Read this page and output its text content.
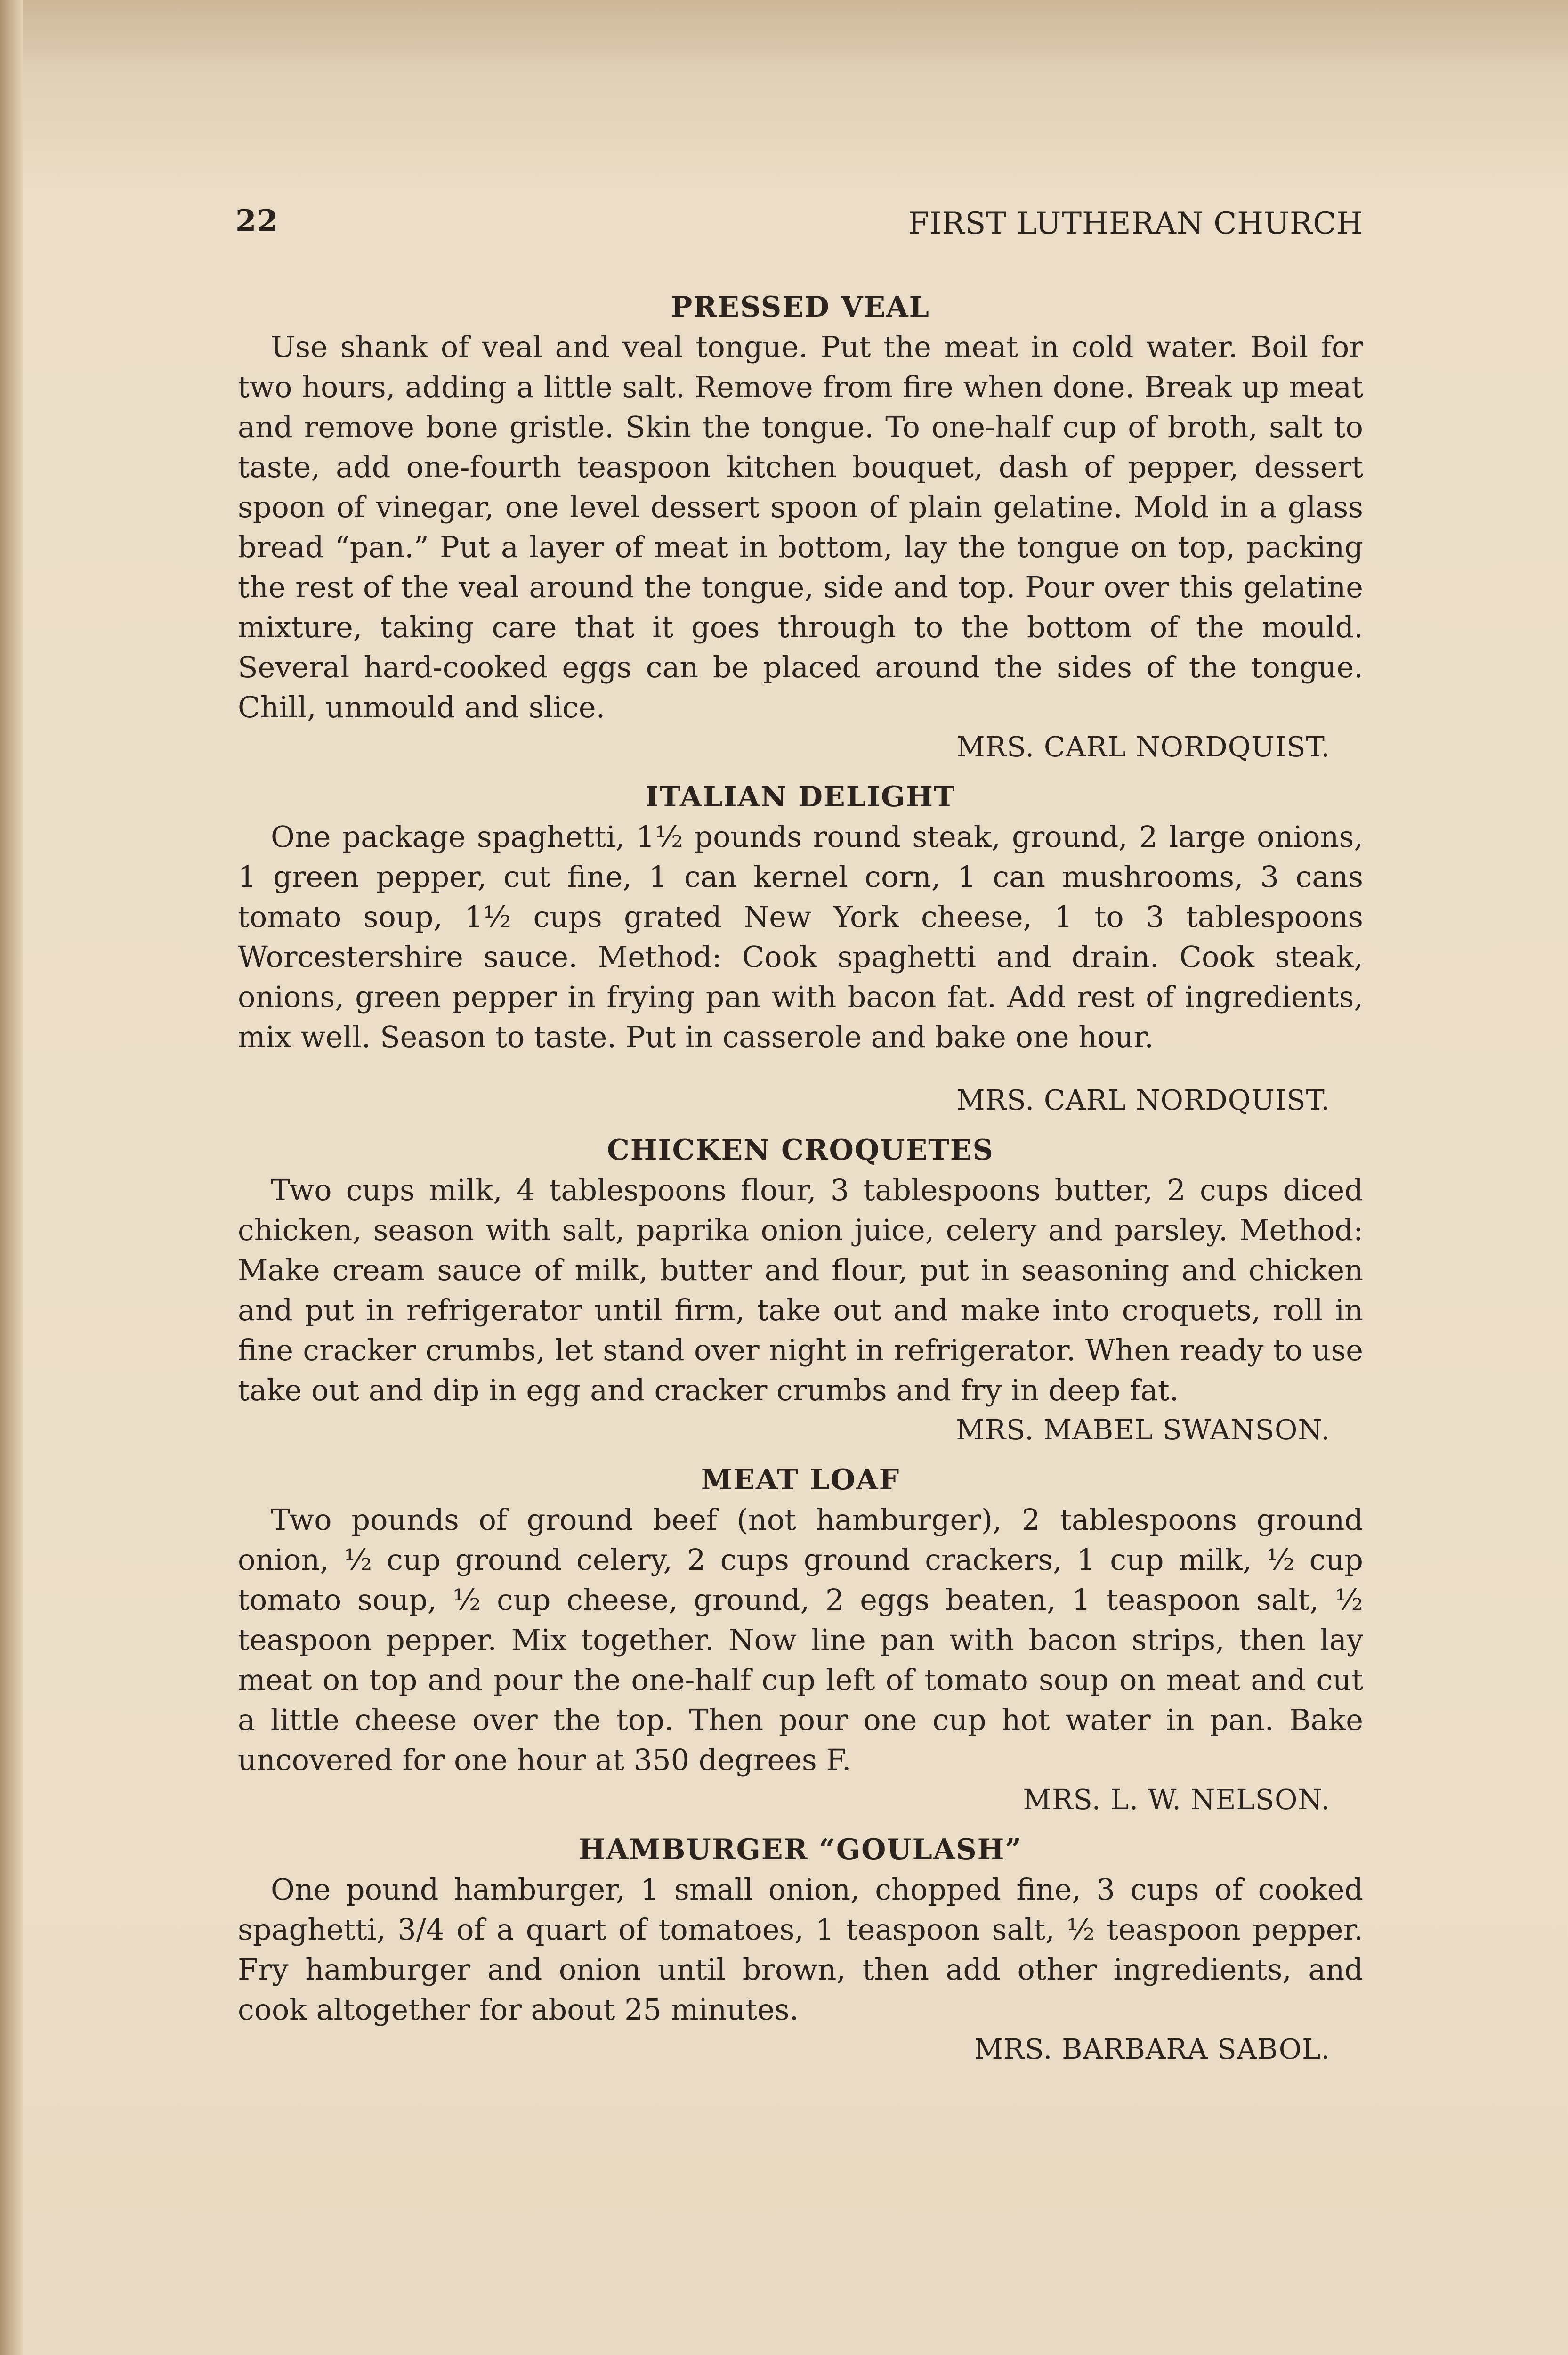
22	FIRST LUTHERAN CHURCH
PRESSED VEAL

Use shank of veal and veal tongue. Put the meat in cold water. Boil for two hours, adding a little salt. Remove from fire when done. Break up meat and remove bone gristle. Skin the tongue. To one-half cup of broth, salt to taste, add one-fourth teaspoon kitchen bouquet, dash of pepper, dessert spoon of vinegar, one level dessert spoon of plain gelatine. Mold in a glass bread “pan.” Put a layer of meat in bottom, lay the tongue on top, packing the rest of the veal around the tongue, side and top. Pour over this gelatine mixture, taking care that it goes through to the bottom of the mould. Several hard-cooked eggs can be placed around the sides of the tongue. Chill, unmould and slice.

MRS. CARL NORDQUIST.

ITALIAN DELIGHT

One package spaghetti, 1½ pounds round steak, ground, 2 large onions, 1 green pepper, cut fine, 1 can kernel corn, 1 can mushrooms, 3 cans tomato soup, 1½ cups grated New York cheese, 1 to 3 tablespoons Worcestershire sauce. Method: Cook spaghetti and drain. Cook steak, onions, green pepper in frying pan with bacon fat. Add rest of ingredients, mix well. Season to taste. Put in casserole and bake one hour.

MRS. CARL NORDQUIST.

CHICKEN CROQUETES

Two cups milk, 4 tablespoons flour, 3 tablespoons butter, 2 cups diced chicken, season with salt, paprika onion juice, celery and parsley. Method: Make cream sauce of milk, butter and flour, put in seasoning and chicken and put in refrigerator until firm, take out and make into croquets, roll in fine cracker crumbs, let stand over night in refrigerator. When ready to use take out and dip in egg and cracker crumbs and fry in deep fat.

MRS. MABEL SWANSON.

MEAT LOAF

Two pounds of ground beef (not hamburger), 2 tablespoons ground onion, ½ cup ground celery, 2 cups ground crackers, 1 cup milk, ½ cup tomato soup, ½ cup cheese, ground, 2 eggs beaten, 1 teaspoon salt, ½ teaspoon pepper. Mix together. Now line pan with bacon strips, then lay meat on top and pour the one-half cup left of tomato soup on meat and cut a little cheese over the top. Then pour one cup hot water in pan. Bake uncovered for one hour at 350 degrees F.

MRS. L. W. NELSON.

HAMBURGER “GOULASH”

One pound hamburger, 1 small onion, chopped fine, 3 cups of cooked spaghetti, 3/4 of a quart of tomatoes, 1 teaspoon salt, ½ teaspoon pepper. Fry hamburger and onion until brown, then add other ingredients, and cook altogether for about 25 minutes.

MRS. BARBARA SABOL.
